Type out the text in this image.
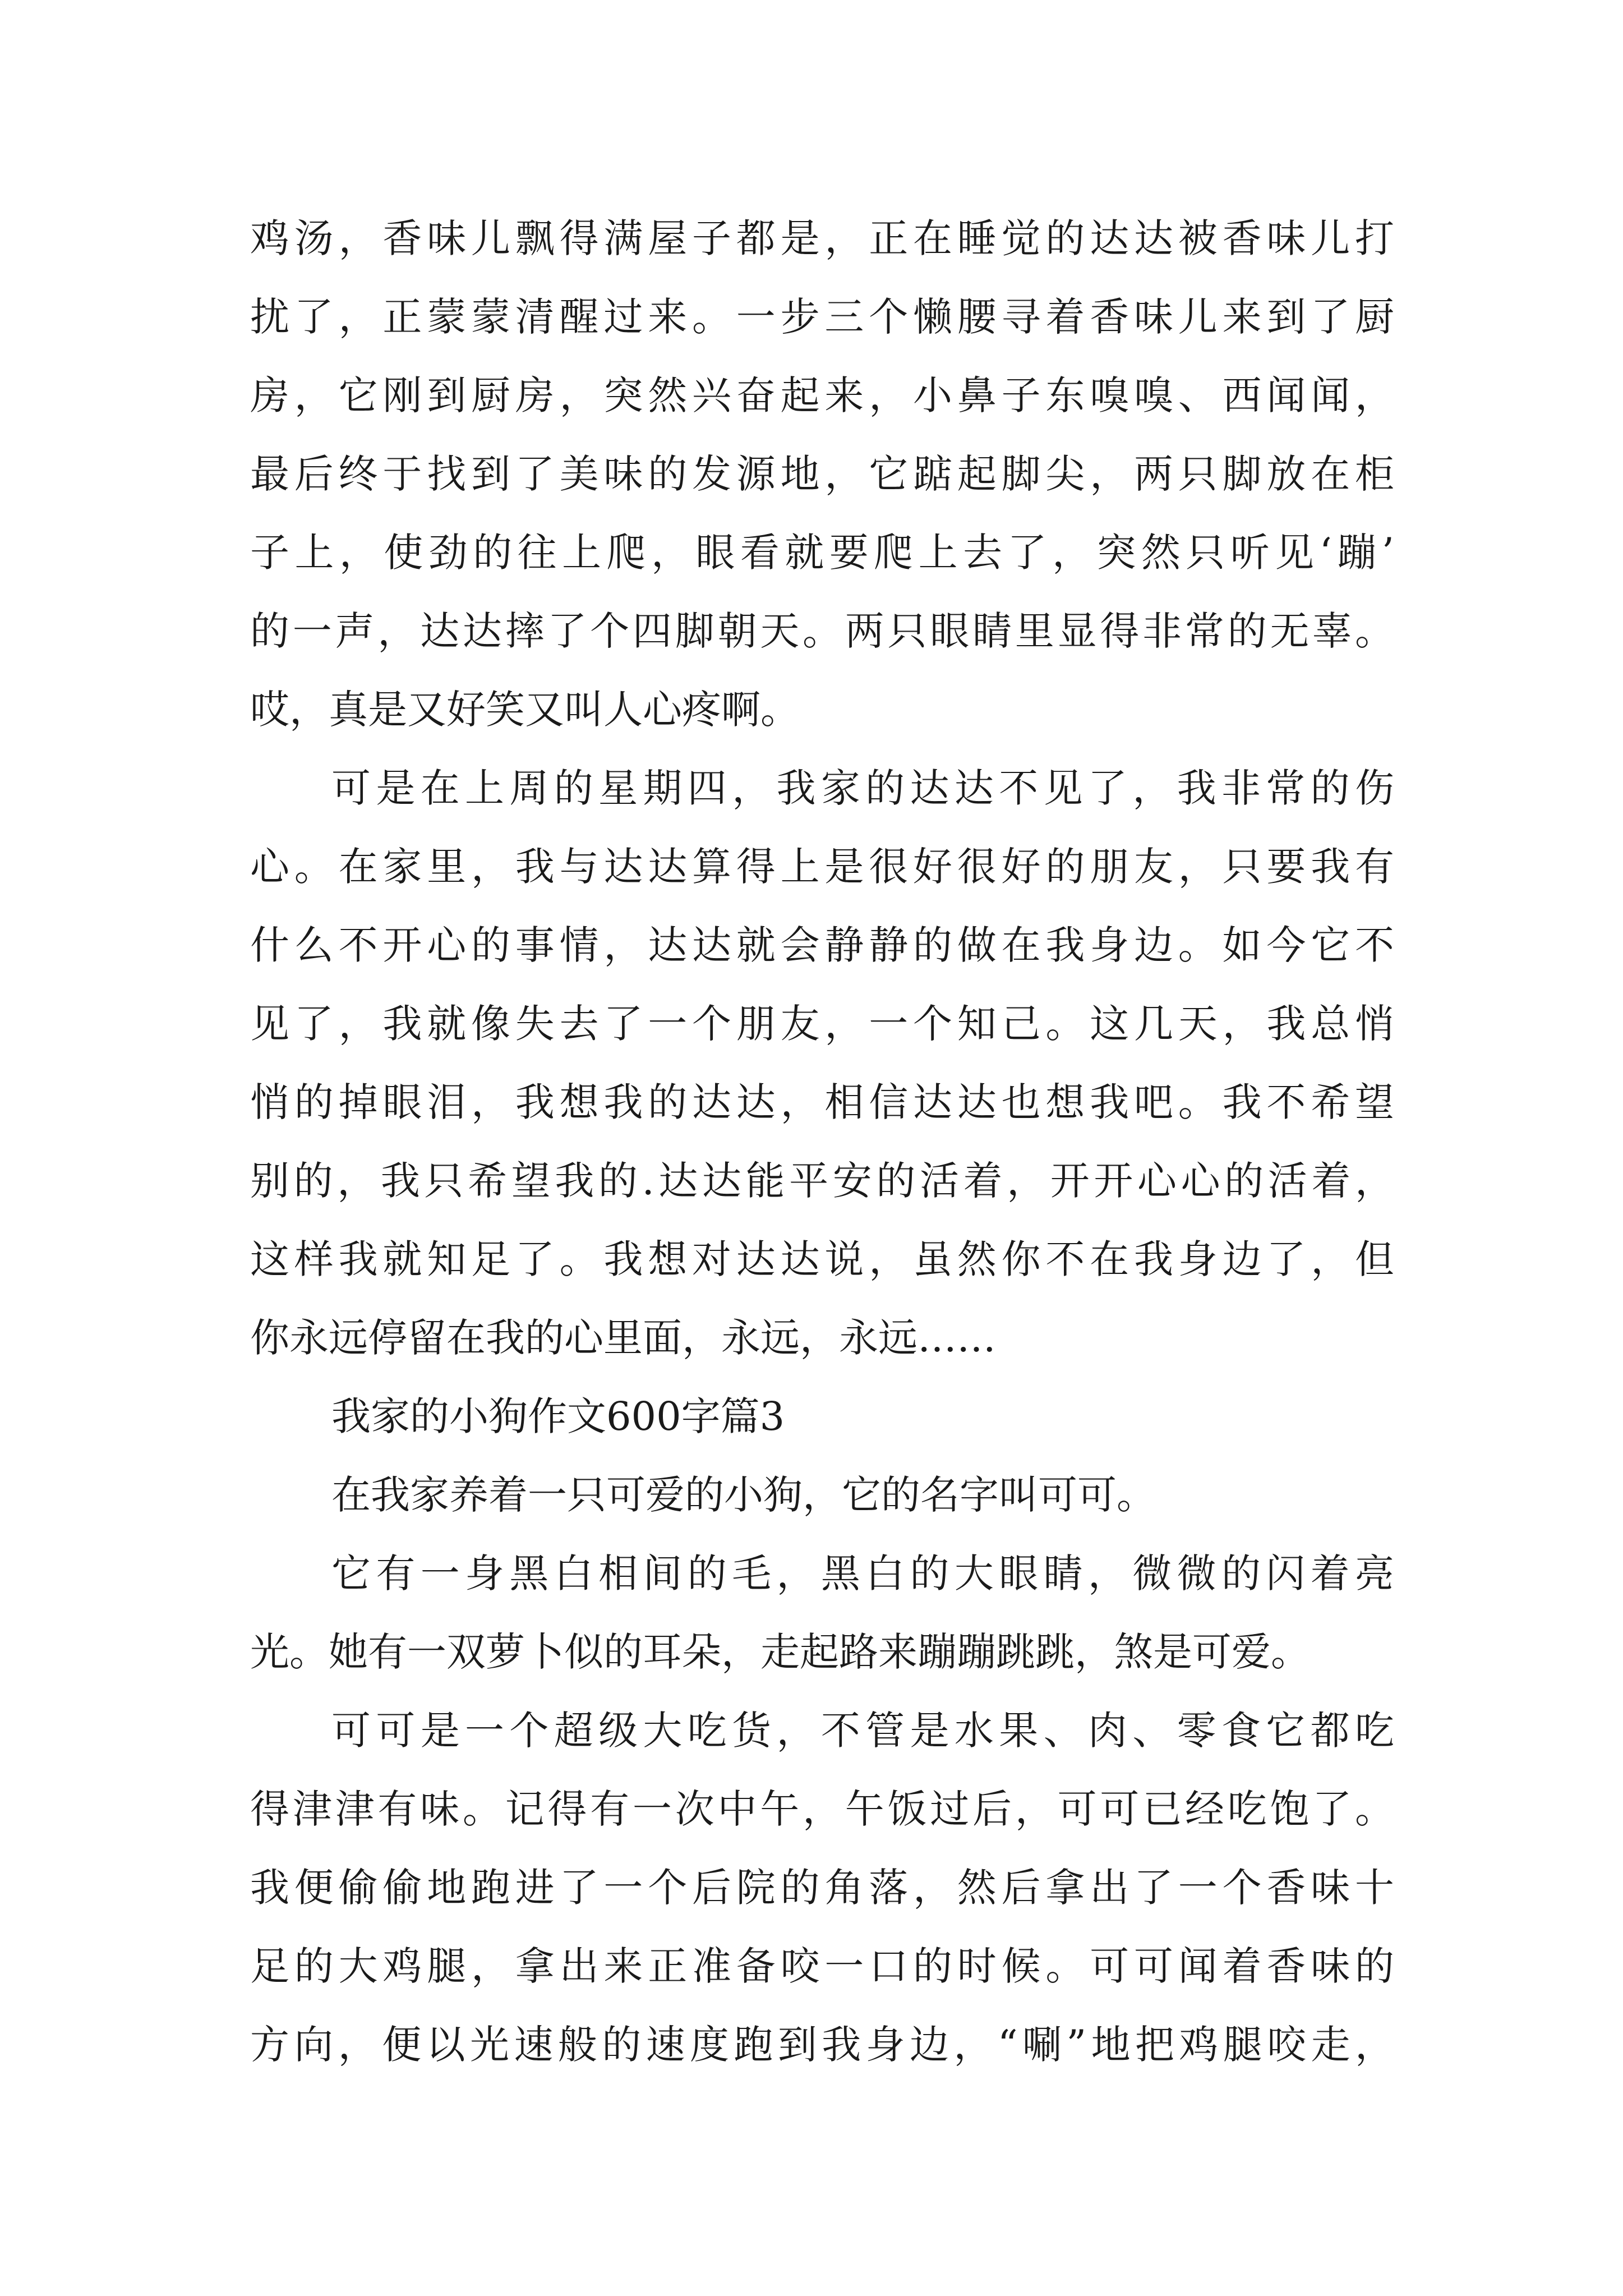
鸡汤，香味儿飘得满屋子都是，正在睡觉的达达被香味儿打
扰了，正蒙蒙清醒过来。一步三个懒腰寻着香味儿来到了厨
房，它刚到厨房，突然兴奋起来，小鼻子东嗅嗅、西闻闻，
最后终于找到了美味的发源地，它踮起脚尖，两只脚放在柜
子上，使劲的往上爬，眼看就要爬上去了，突然只听见‘蹦’
的一声，达达摔了个四脚朝天。两只眼睛里显得非常的无辜。
哎，真是又好笑又叫人心疼啊。
可是在上周的星期四，我家的达达不见了，我非常的伤
心。在家里，我与达达算得上是很好很好的朋友，只要我有
什么不开心的事情，达达就会静静的做在我身边。如今它不
见了，我就像失去了一个朋友，一个知己。这几天，我总悄
悄的掉眼泪，我想我的达达，相信达达也想我吧。我不希望
别的，我只希望我的.达达能平安的活着，开开心心的活着，
这样我就知足了。我想对达达说，虽然你不在我身边了，但
你永远停留在我的心里面，永远，永远……
我家的小狗作文600字篇3
在我家养着一只可爱的小狗，它的名字叫可可。
它有一身黑白相间的毛，黑白的大眼睛，微微的闪着亮
光。她有一双萝卜似的耳朵，走起路来蹦蹦跳跳，煞是可爱。
可可是一个超级大吃货，不管是水果、肉、零食它都吃
得津津有味。记得有一次中午，午饭过后，可可已经吃饱了。
我便偷偷地跑进了一个后院的角落，然后拿出了一个香味十
足的大鸡腿，拿出来正准备咬一口的时候。可可闻着香味的
方向，便以光速般的速度跑到我身边，“唰”地把鸡腿咬走，
